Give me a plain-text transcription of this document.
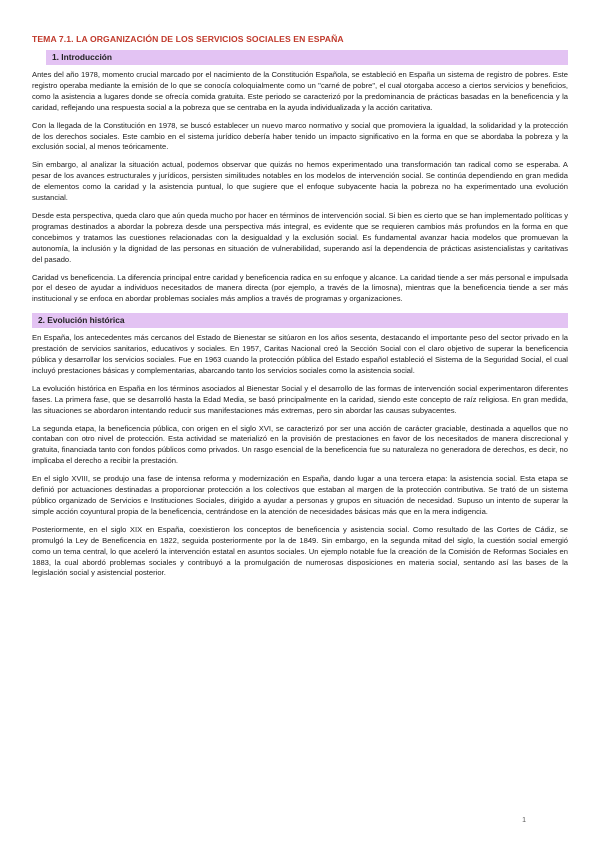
TEMA 7.1. LA ORGANIZACIÓN DE LOS SERVICIOS SOCIALES EN ESPAÑA
1. Introducción

Antes del año 1978, momento crucial marcado por el nacimiento de la Constitución Española, se estableció en España un sistema de registro de pobres. Este registro operaba mediante la emisión de lo que se conocía coloquialmente como un "carné de pobre", el cual otorgaba acceso a ciertos servicios y beneficios, como la asistencia a lugares donde se ofrecía comida gratuita. Este periodo se caracterizó por la predominancia de prácticas basadas en la beneficencia y la caridad, reflejando una respuesta social a la pobreza que se centraba en la ayuda individualizada y la acción caritativa.

Con la llegada de la Constitución en 1978, se buscó establecer un nuevo marco normativo y social que promoviera la igualdad, la solidaridad y la protección de los derechos sociales. Este cambio en el sistema jurídico debería haber tenido un impacto significativo en la forma en que se abordaba la pobreza y la exclusión social, al menos teóricamente.

Sin embargo, al analizar la situación actual, podemos observar que quizás no hemos experimentado una transformación tan radical como se esperaba. A pesar de los avances estructurales y jurídicos, persisten similitudes notables en los modelos de intervención social. Se continúa dependiendo en gran medida de elementos como la caridad y la asistencia puntual, lo que sugiere que el enfoque subyacente hacia la pobreza no ha experimentado una evolución sustancial.

Desde esta perspectiva, queda claro que aún queda mucho por hacer en términos de intervención social. Si bien es cierto que se han implementado políticas y programas destinados a abordar la pobreza desde una perspectiva más integral, es evidente que se requieren cambios más profundos en la forma en que concebimos y tratamos las cuestiones relacionadas con la desigualdad y la exclusión social. Es fundamental avanzar hacia modelos que promuevan la autonomía, la inclusión y la dignidad de las personas en situación de vulnerabilidad, superando así la dependencia de prácticas asistencialistas y caritativas del pasado.

Caridad vs beneficencia. La diferencia principal entre caridad y beneficencia radica en su enfoque y alcance. La caridad tiende a ser más personal e impulsada por el deseo de ayudar a individuos necesitados de manera directa (por ejemplo, a través de la limosna), mientras que la beneficencia tiende a ser más institucional y se enfoca en abordar problemas sociales más amplios a través de programas y organizaciones.

2. Evolución histórica

En España, los antecedentes más cercanos del Estado de Bienestar se sitúaron en los años sesenta, destacando el importante peso del sector privado en la prestación de servicios sanitarios, educativos y sociales. En 1957, Caritas Nacional creó la Sección Social con el claro objetivo de superar la beneficencia pública y desarrollar los servicios sociales. Fue en 1963 cuando la protección pública del Estado español estableció el Sistema de la Seguridad Social, el cual incluyó prestaciones básicas y complementarias, abarcando tanto los servicios sociales como la asistencia social.

La evolución histórica en España en los términos asociados al Bienestar Social y el desarrollo de las formas de intervención social experimentaron diferentes fases. La primera fase, que se desarrolló hasta la Edad Media, se basó principalmente en la caridad, siendo este concepto de raíz religiosa. En gran medida, las situaciones se abordaron intentando reducir sus manifestaciones más extremas, pero sin abordar las causas subyacentes.

La segunda etapa, la beneficencia pública, con origen en el siglo XVI, se caracterizó por ser una acción de carácter graciable, destinada a aquellos que no contaban con otro nivel de protección. Esta actividad se materializó en la provisión de prestaciones en favor de los necesitados de manera discrecional y gratuita, financiada tanto con fondos públicos como privados. Un rasgo esencial de la beneficencia fue su naturaleza no generadora de derechos, es decir, no implicaba el derecho a recibir la prestación.

En el siglo XVIII, se produjo una fase de intensa reforma y modernización en España, dando lugar a una tercera etapa: la asistencia social. Esta etapa se definió por actuaciones destinadas a proporcionar protección a los colectivos que estaban al margen de la protección contributiva. Se trató de un sistema público organizado de Servicios e Instituciones Sociales, dirigido a ayudar a personas y grupos en situación de necesidad. Supuso un intento de superar la simple acción coyuntural propia de la beneficencia, centrándose en la atención de necesidades básicas más que en la mera indigencia.

Posteriormente, en el siglo XIX en España, coexistieron los conceptos de beneficencia y asistencia social. Como resultado de las Cortes de Cádiz, se promulgó la Ley de Beneficencia en 1822, seguida posteriormente por la de 1849. Sin embargo, en la segunda mitad del siglo, la cuestión social emergió como un tema central, lo que aceleró la intervención estatal en asuntos sociales. Un ejemplo notable fue la creación de la Comisión de Reformas Sociales en 1883, la cual abordó problemas sociales y contribuyó a la promulgación de numerosas disposiciones en materia social, sentando así las bases de la legislación social y asistencial posterior.

1
